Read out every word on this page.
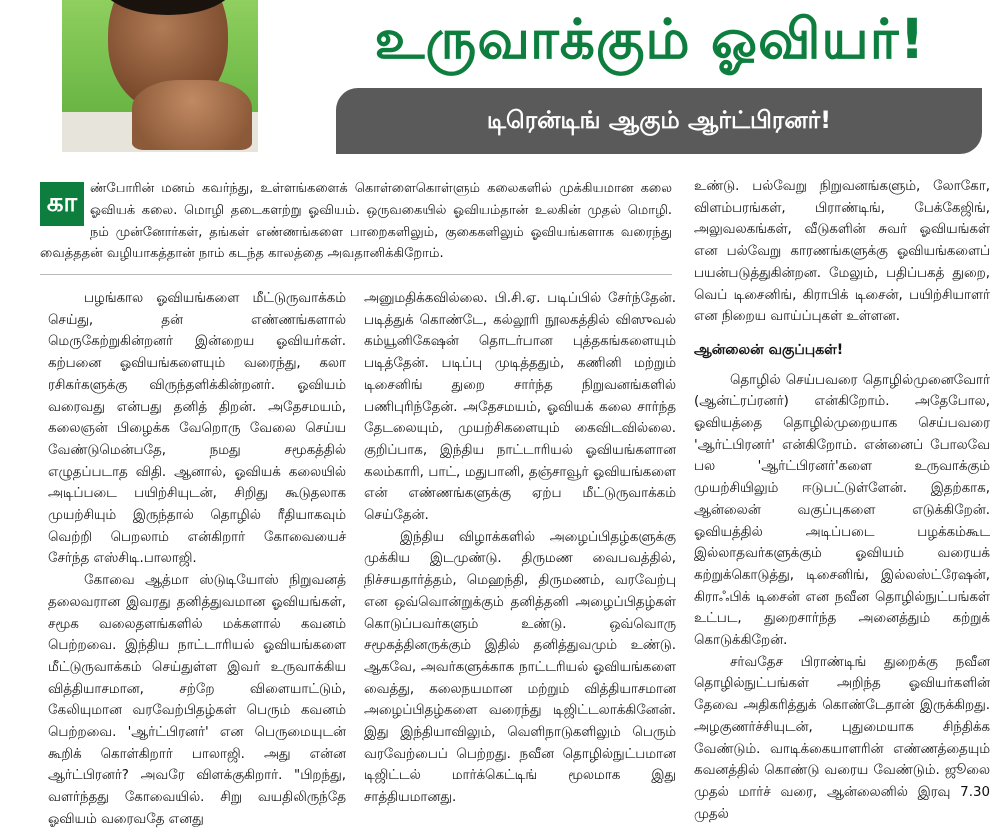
உருவாக்கும் ஓவியர்!
டிரென்டிங் ஆகும் ஆர்ட்பிரனர்!
கா ண்போரின் மனம் கவர்ந்து, உள்ளங்களைக் கொள்ளைகொள்ளும் கலைகளில் முக்கியமான கலை ஓவியக் கலை. மொழி தடைகளற்று ஓவியம். ஒருவகையில் ஓவியம்தான் உலகின் முதல் மொழி. நம் முன்னோர்கள், தங்கள் எண்ணங்களை பாறைகளிலும், குகைகளிலும் ஓவியங்களாக வரைந்து வைத்ததன் வழியாகத்தான் நாம் கடந்த காலத்தை அவதானிக்கிறோம்.

பழங்கால ஓவியங்களை மீட்டுருவாக்கம் செய்து, தன் எண்ணங்களால் மெருகேற்றுகின்றனர் இன்றைய ஓவியர்கள். கற்பனை ஓவியங்களையும் வரைந்து, கலா ரசிகர்களுக்கு விருந்தளிக்கின்றனர். ஓவியம் வரைவது என்பது தனித் திறன். அதேசமயம், கலைஞன் பிழைக்க வேறொரு வேலை செய்ய வேண்டுமென்பதே, நமது சமூகத்தில் எழுதப்படாத விதி. ஆனால், ஓவியக் கலையில் அடிப்படை பயிற்சியுடன், சிறிது கூடுதலாக முயற்சியும் இருந்தால் தொழில் ரீதியாகவும் வெற்றி பெறலாம் என்கிறார் கோவையைச் சேர்ந்த எஸ்சிடி.பாலாஜி.

கோவை ஆத்மா ஸ்டுடியோஸ் நிறுவனத் தலைவரான இவரது தனித்துவமான ஓவியங்கள், சமூக வலைதளங்களில் மக்களால் கவனம் பெற்றவை. இந்திய நாட்டாரியல் ஓவியங்களை மீட்டுருவாக்கம் செய்துள்ள இவர் உருவாக்கிய வித்தியாசமான, சற்றே விளையாட்டும், கேலியுமான வரவேற்பிதழ்கள் பெரும் கவனம் பெற்றவை. 'ஆர்ட்பிரனர்' என பெருமையுடன் கூறிக் கொள்கிறார் பாலாஜி. அது என்ன ஆர்ட்பிரனர்? அவரே விளக்குகிறார். "பிறந்து, வளர்ந்தது கோவையில். சிறு வயதிலிருந்தே ஓவியம் வரைவதே எனது

அனுமதிக்கவில்லை. பி.சி.ஏ. படிப்பில் சேர்ந்தேன். படித்துக் கொண்டே, கல்லூரி நூலகத்தில் விஸுவல் கம்யூனிகேஷன் தொடர்பான புத்தகங்களையும் படித்தேன். படிப்பு முடித்ததும், கணினி மற்றும் டிசைனிங் துறை சார்ந்த நிறுவனங்களில் பணிபுரிந்தேன். அதேசமயம், ஓவியக் கலை சார்ந்த தேடலையும், முயற்சிகளையும் கைவிடவில்லை. குறிப்பாக, இந்திய நாட்டாரியல் ஓவியங்களான கலம்காரி, பாட், மதுபானி, தஞ்சாவூர் ஓவியங்களை என் எண்ணங்களுக்கு ஏற்ப மீட்டுருவாக்கம் செய்தேன்.

இந்திய விழாக்களில் அழைப்பிதழ்களுக்கு முக்கிய இடமுண்டு. திருமண வைபவத்தில், நிச்சயதார்த்தம், மெஹந்தி, திருமணம், வரவேற்பு என ஒவ்வொன்றுக்கும் தனித்தனி அழைப்பிதழ்கள் கொடுப்பவர்களும் உண்டு. ஒவ்வொரு சமூகத்தினருக்கும் இதில் தனித்துவமும் உண்டு. ஆகவே, அவர்களுக்காக நாட்டரியல் ஓவியங்களை வைத்து, கலைநயமான மற்றும் வித்தியாசமான அழைப்பிதழ்களை வரைந்து டிஜிட்டலாக்கினேன். இது இந்தியாவிலும், வெளிநாடுகளிலும் பெரும் வரவேற்பைப் பெற்றது. நவீன தொழில்நுட்பமான டிஜிட்டல் மார்க்கெட்டிங் மூலமாக இது சாத்தியமானது.

உண்டு. பல்வேறு நிறுவனங்களும், லோகோ, விளம்பரங்கள், பிராண்டிங், பேக்கேஜிங், அலுவலகங்கள், வீடுகளின் சுவர் ஓவியங்கள் என பல்வேறு காரணங்களுக்கு ஓவியங்களைப் பயன்படுத்துகின்றன. மேலும், பதிப்பகத் துறை, வெப் டிசைனிங், கிராபிக் டிசைன், பயிற்சியாளர் என நிறைய வாய்ப்புகள் உள்ளன.

ஆன்லைன் வகுப்புகள்!

தொழில் செய்பவரை தொழில்முனைவோர் (ஆன்ட்ரப்ரனர்) என்கிறோம். அதேபோல, ஓவியத்தை தொழில்முறையாக செய்பவரை 'ஆர்ட்பிரனர்' என்கிறோம். என்னைப் போலவே பல 'ஆர்ட்பிரனர்'களை உருவாக்கும் முயற்சியிலும் ஈடுபட்டுள்ளேன். இதற்காக, ஆன்லைன் வகுப்புகளை எடுக்கிறேன். ஓவியத்தில் அடிப்படை பழக்கம்கூட இல்லாதவர்களுக்கும் ஓவியம் வரையக் கற்றுக்கொடுத்து, டிசைனிங், இல்லஸ்ட்ரேஷன், கிராஃபிக் டிசைன் என நவீன தொழில்நுட்பங்கள் உட்பட, துறைசார்ந்த அனைத்தும் கற்றுக் கொடுக்கிறேன்.

சர்வதேச பிராண்டிங் துறைக்கு நவீன தொழில்நுட்பங்கள் அறிந்த ஓவியர்களின் தேவை அதிகரித்துக் கொண்டேதான் இருக்கிறது. அழகுணர்ச்சியுடன், புதுமையாக சிந்திக்க வேண்டும். வாடிக்கையாளரின் எண்ணத்தையும் கவனத்தில் கொண்டு வரைய வேண்டும். ஜூலை முதல் மார்ச் வரை, ஆன்லைனில் இரவு 7.30 முதல்
